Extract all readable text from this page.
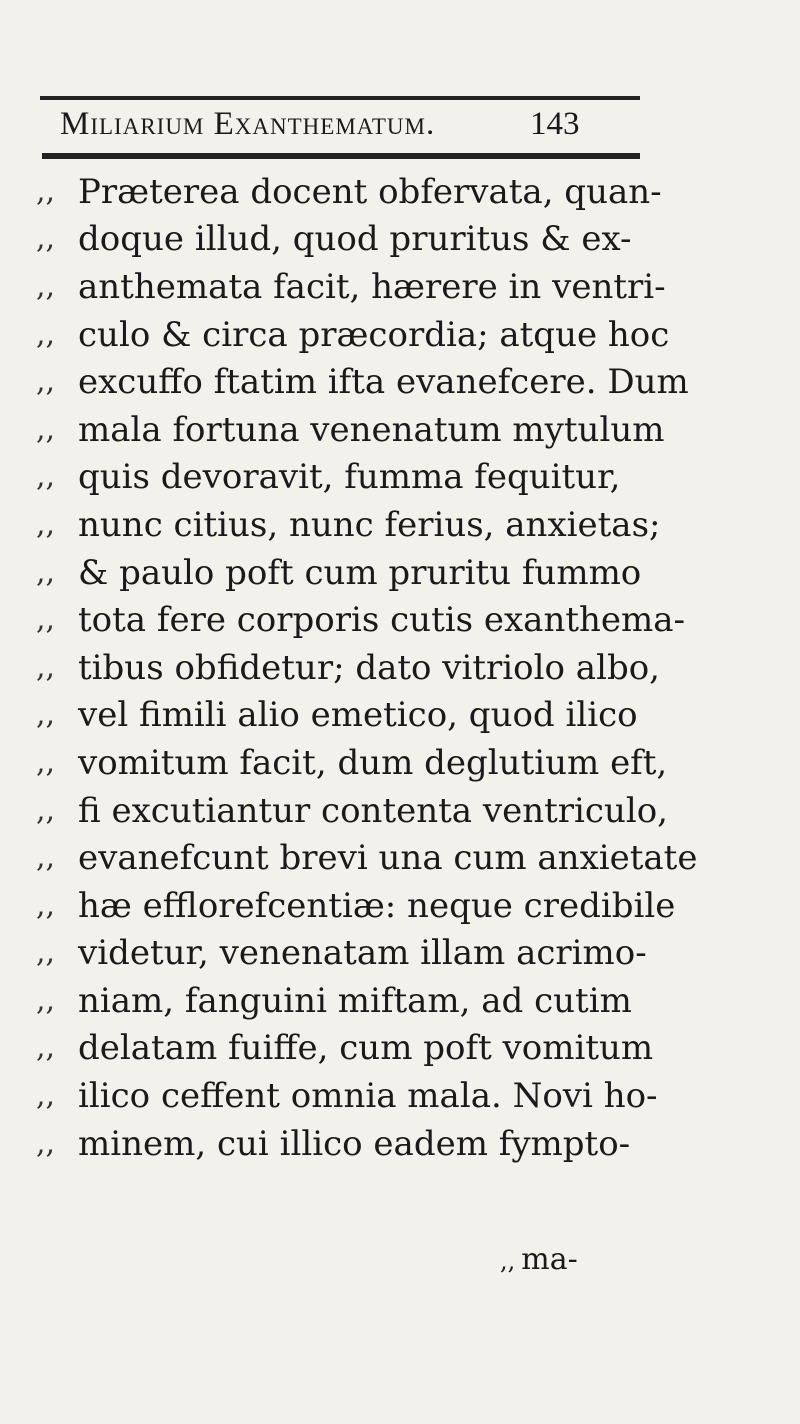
Miliarium Exanthematum.	143
,, Præterea docent obfervata, quan-
,, doque illud, quod pruritus & ex-
,, anthemata facit, hærere in ventri-
,, culo & circa præcordia; atque hoc
,, excuffo ftatim ifta evanefcere. Dum
,, mala fortuna venenatum mytulum
,, quis devoravit, fumma fequitur,
,, nunc citius, nunc ferius, anxietas;
,, & paulo poft cum pruritu fummo
,, tota fere corporis cutis exanthema-
,, tibus obfidetur; dato vitriolo albo,
,, vel fimili alio emetico, quod ilico
,, vomitum facit, dum deglutium eft,
,, fi excutiantur contenta ventriculo,
,, evanefcunt brevi una cum anxietate
,, hæ efflorefcentiæ: neque credibile
,, videtur, venenatam illam acrimo-
,, niam, fanguini miftam, ad cutim
,, delatam fuiffe, cum poft vomitum
,, ilico ceffent omnia mala. Novi ho-
,, minem, cui illico eadem fympto-
,, ma-
